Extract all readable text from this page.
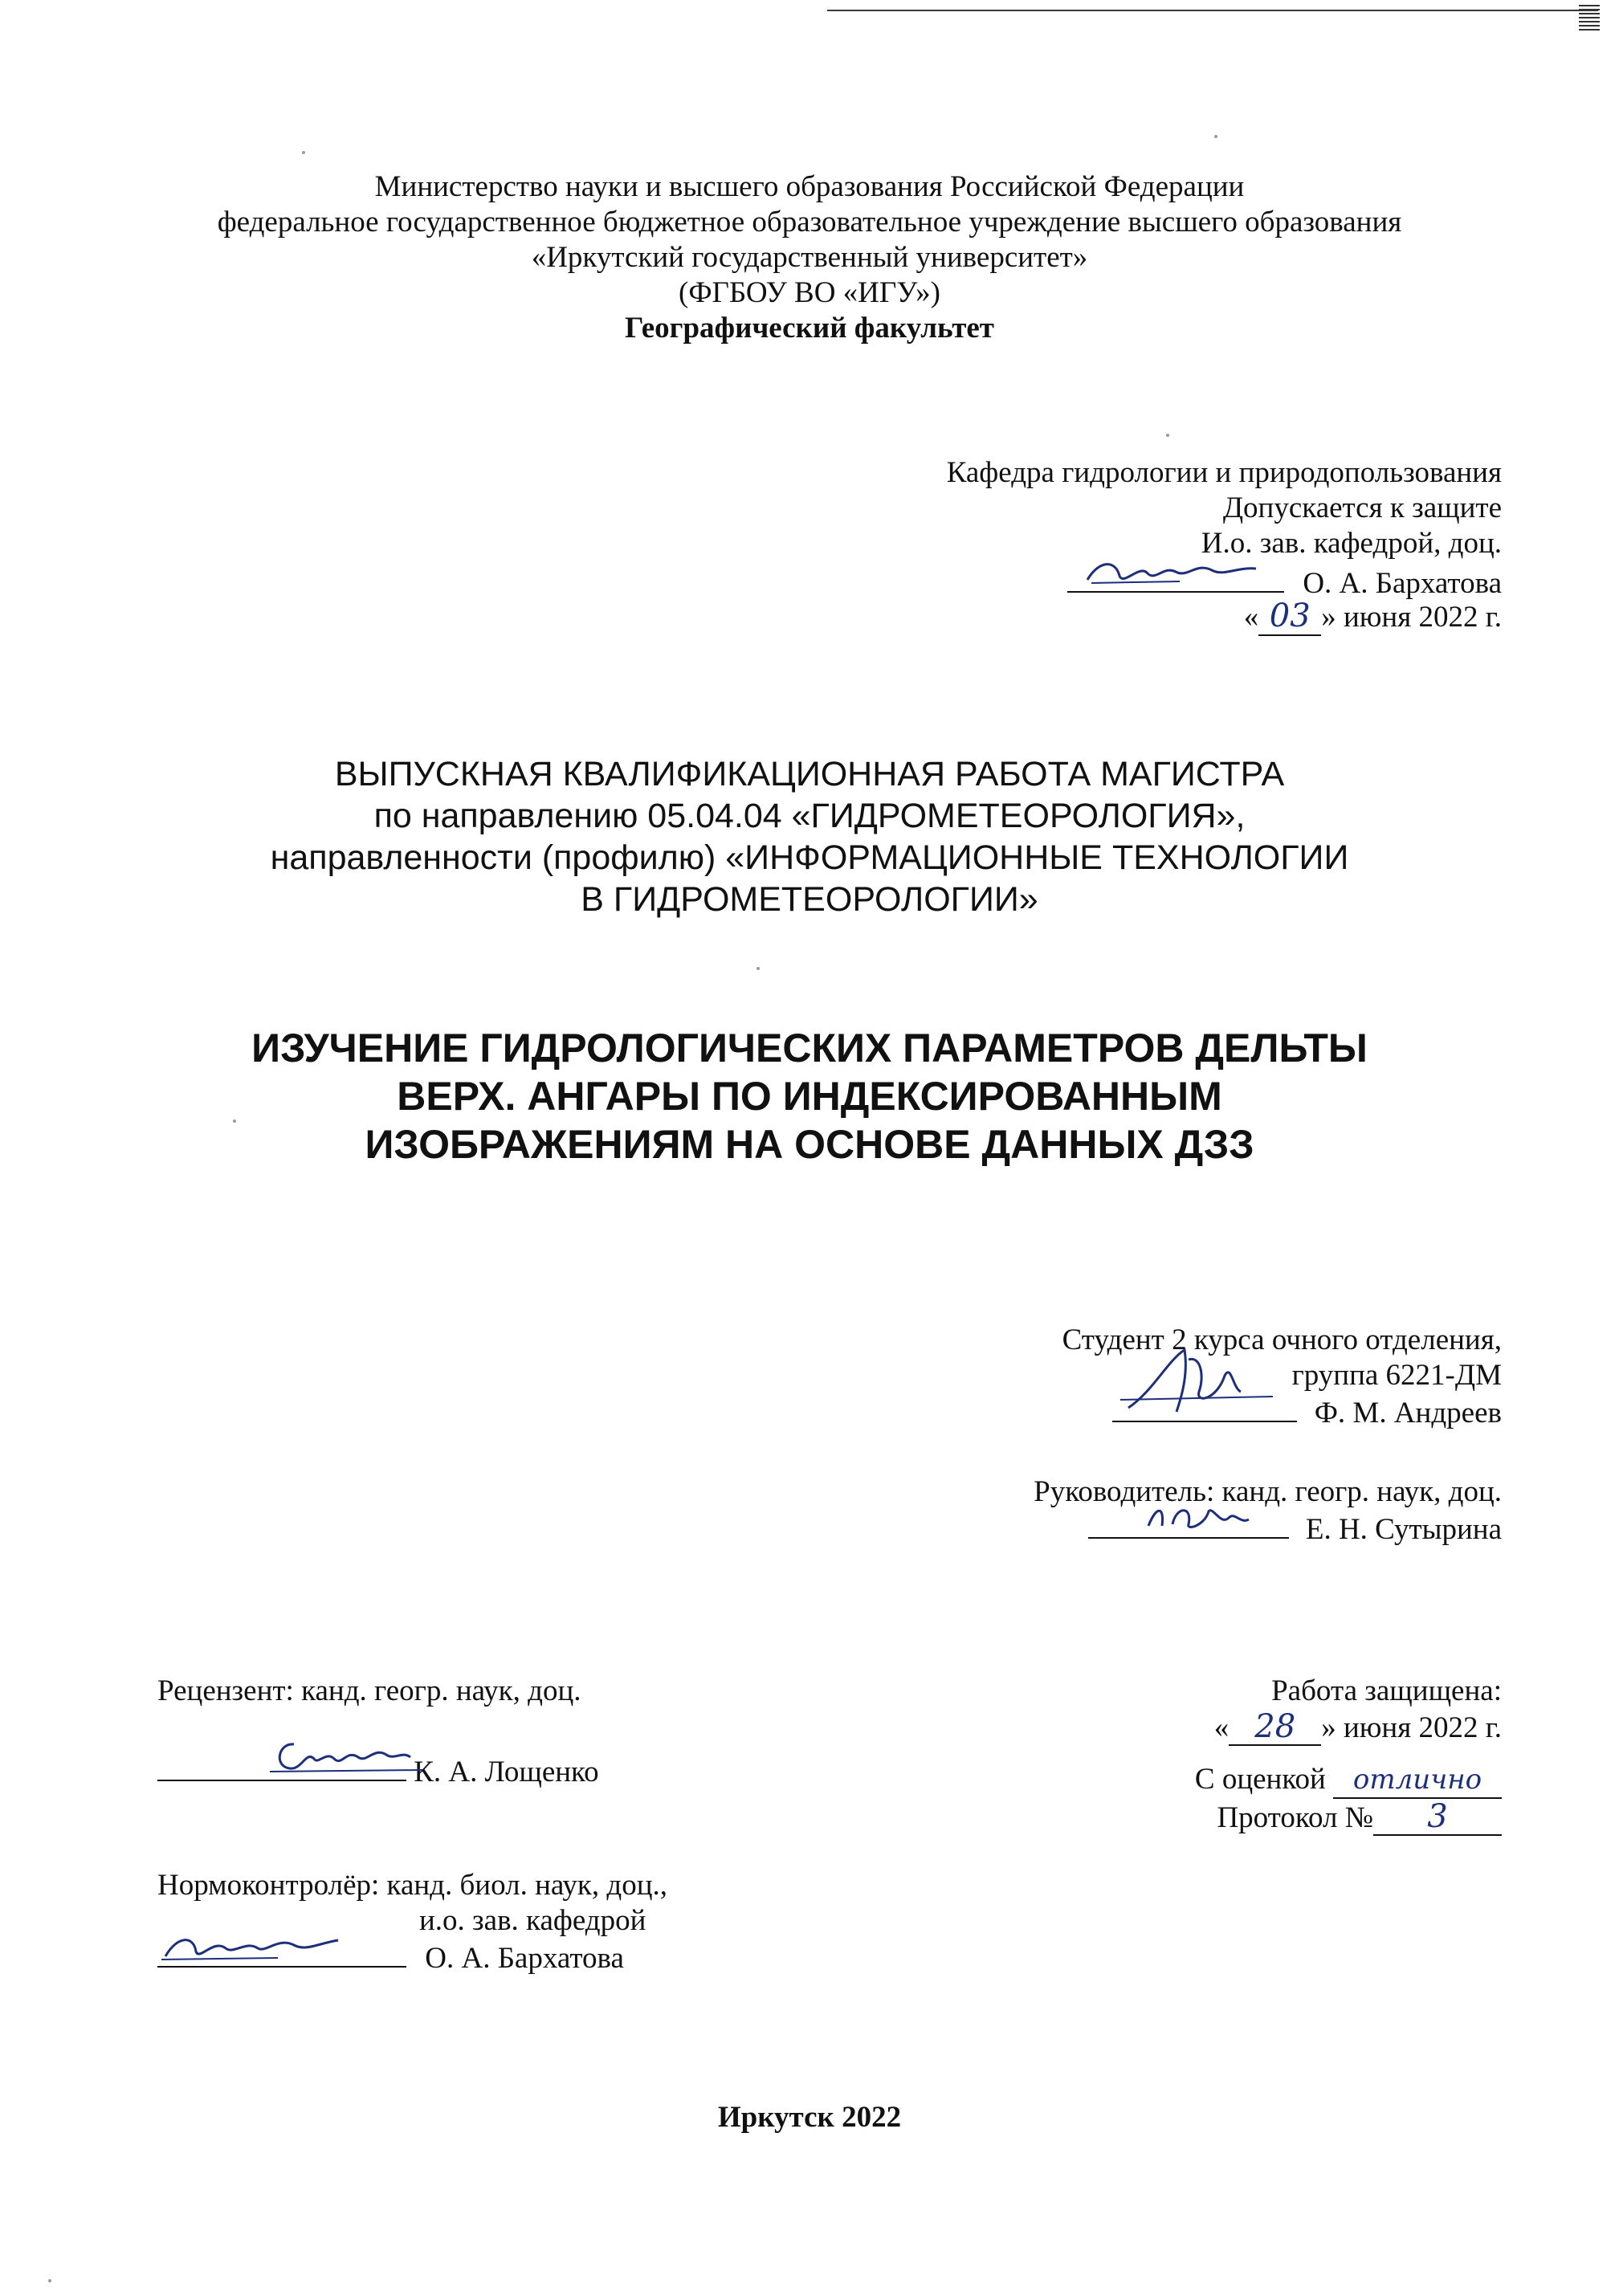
Министерство науки и высшего образования Российской Федерации
федеральное государственное бюджетное образовательное учреждение высшего образования
«Иркутский государственный университет»
(ФГБОУ ВО «ИГУ»)
Географический факультет
Кафедра гидрологии и природопользования
Допускается к защите
И.о. зав. кафедрой, доц.
О. А. Бархатова
« 03 » июня 2022 г.
ВЫПУСКНАЯ КВАЛИФИКАЦИОННАЯ РАБОТА МАГИСТРА
по направлению 05.04.04 «ГИДРОМЕТЕОРОЛОГИЯ»,
направленности (профилю) «ИНФОРМАЦИОННЫЕ ТЕХНОЛОГИИ
В ГИДРОМЕТЕОРОЛОГИИ»
ИЗУЧЕНИЕ ГИДРОЛОГИЧЕСКИХ ПАРАМЕТРОВ ДЕЛЬТЫ
ВЕРХ. АНГАРЫ ПО ИНДЕКСИРОВАННЫМ
ИЗОБРАЖЕНИЯМ НА ОСНОВЕ ДАННЫХ ДЗЗ
Студент 2 курса очного отделения,
группа 6221-ДМ
Ф. М. Андреев
Руководитель: канд. геогр. наук, доц.
Е. Н. Сутырина
Рецензент: канд. геогр. наук, доц.
К. А. Лощенко
Работа защищена:
« 28 » июня 2022 г.
С оценкой отлично
Протокол № 3
Нормоконтролёр: канд. биол. наук, доц.,
и.о. зав. кафедрой
О. А. Бархатова
Иркутск 2022
